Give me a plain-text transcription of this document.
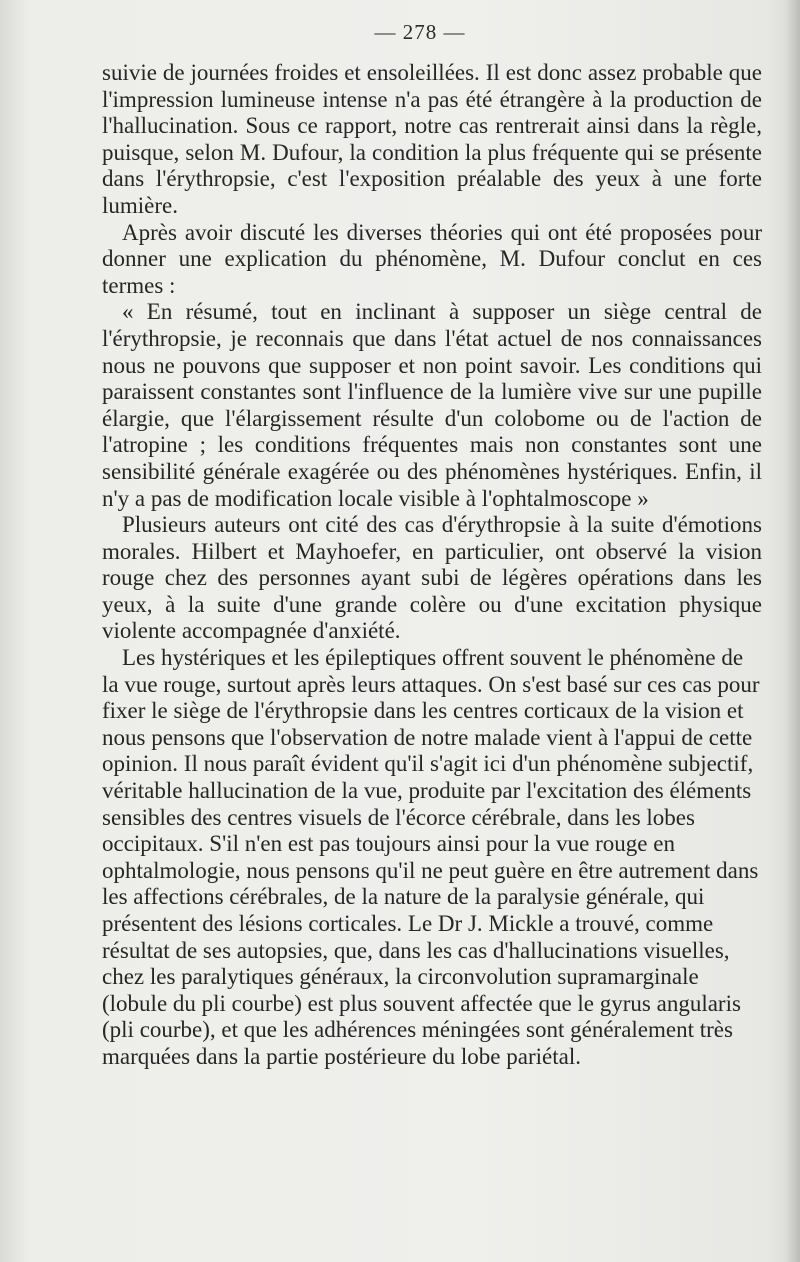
— 278 —

suivie de journées froides et ensoleillées. Il est donc assez probable que l'impression lumineuse intense n'a pas été étrangère à la production de l'hallucination. Sous ce rapport, notre cas rentrerait ainsi dans la règle, puisque, selon M. Dufour, la condition la plus fréquente qui se présente dans l'érythropsie, c'est l'exposition préalable des yeux à une forte lumière.

Après avoir discuté les diverses théories qui ont été proposées pour donner une explication du phénomène, M. Dufour conclut en ces termes :

« En résumé, tout en inclinant à supposer un siège central de l'érythropsie, je reconnais que dans l'état actuel de nos connaissances nous ne pouvons que supposer et non point savoir. Les conditions qui paraissent constantes sont l'influence de la lumière vive sur une pupille élargie, que l'élargissement résulte d'un colobome ou de l'action de l'atropine ; les conditions fréquentes mais non constantes sont une sensibilité générale exagérée ou des phénomènes hystériques. Enfin, il n'y a pas de modification locale visible à l'ophtalmoscope »

Plusieurs auteurs ont cité des cas d'érythropsie à la suite d'émotions morales. Hilbert et Mayhoefer, en particulier, ont observé la vision rouge chez des personnes ayant subi de légères opérations dans les yeux, à la suite d'une grande colère ou d'une excitation physique violente accompagnée d'anxiété.

Les hystériques et les épileptiques offrent souvent le phénomène de la vue rouge, surtout après leurs attaques. On s'est basé sur ces cas pour fixer le siège de l'érythropsie dans les centres corticaux de la vision et nous pensons que l'observation de notre malade vient à l'appui de cette opinion. Il nous paraît évident qu'il s'agit ici d'un phénomène subjectif, véritable hallucination de la vue, produite par l'excitation des éléments sensibles des centres visuels de l'écorce cérébrale, dans les lobes occipitaux. S'il n'en est pas toujours ainsi pour la vue rouge en ophtalmologie, nous pensons qu'il ne peut guère en être autrement dans les affections cérébrales, de la nature de la paralysie générale, qui présentent des lésions corticales. Le Dr J. Mickle a trouvé, comme résultat de ses autopsies, que, dans les cas d'hallucinations visuelles, chez les paralytiques généraux, la circonvolution supramarginale (lobule du pli courbe) est plus souvent affectée que le gyrus angularis (pli courbe), et que les adhérences méningées sont généralement très marquées dans la partie postérieure du lobe pariétal.
